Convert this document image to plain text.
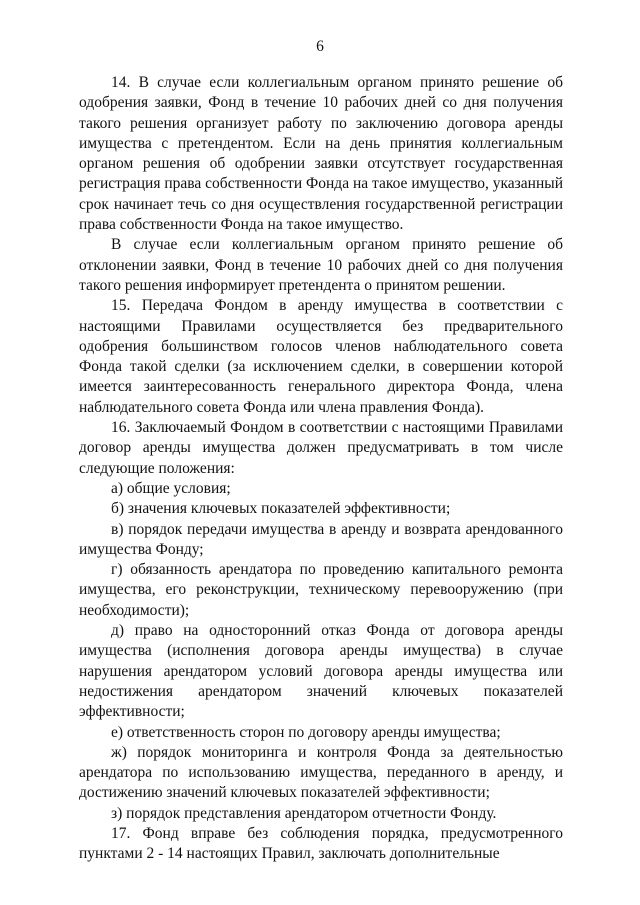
6

14. В случае если коллегиальным органом принято решение об одобрения заявки, Фонд в течение 10 рабочих дней со дня получения такого решения организует работу по заключению договора аренды имущества с претендентом. Если на день принятия коллегиальным органом решения об одобрении заявки отсутствует государственная регистрация права собственности Фонда на такое имущество, указанный срок начинает течь со дня осуществления государственной регистрации права собственности Фонда на такое имущество.

В случае если коллегиальным органом принято решение об отклонении заявки, Фонд в течение 10 рабочих дней со дня получения такого решения информирует претендента о принятом решении.

15. Передача Фондом в аренду имущества в соответствии с настоящими Правилами осуществляется без предварительного одобрения большинством голосов членов наблюдательного совета Фонда такой сделки (за исключением сделки, в совершении которой имеется заинтересованность генерального директора Фонда, члена наблюдательного совета Фонда или члена правления Фонда).

16. Заключаемый Фондом в соответствии с настоящими Правилами договор аренды имущества должен предусматривать в том числе следующие положения:

а) общие условия;

б) значения ключевых показателей эффективности;

в) порядок передачи имущества в аренду и возврата арендованного имущества Фонду;

г) обязанность арендатора по проведению капитального ремонта имущества, его реконструкции, техническому перевооружению (при необходимости);

д) право на односторонний отказ Фонда от договора аренды имущества (исполнения договора аренды имущества) в случае нарушения арендатором условий договора аренды имущества или недостижения арендатором значений ключевых показателей эффективности;

е) ответственность сторон по договору аренды имущества;

ж) порядок мониторинга и контроля Фонда за деятельностью арендатора по использованию имущества, переданного в аренду, и достижению значений ключевых показателей эффективности;

з) порядок представления арендатором отчетности Фонду.

17. Фонд вправе без соблюдения порядка, предусмотренного пунктами 2 - 14 настоящих Правил, заключать дополнительные
